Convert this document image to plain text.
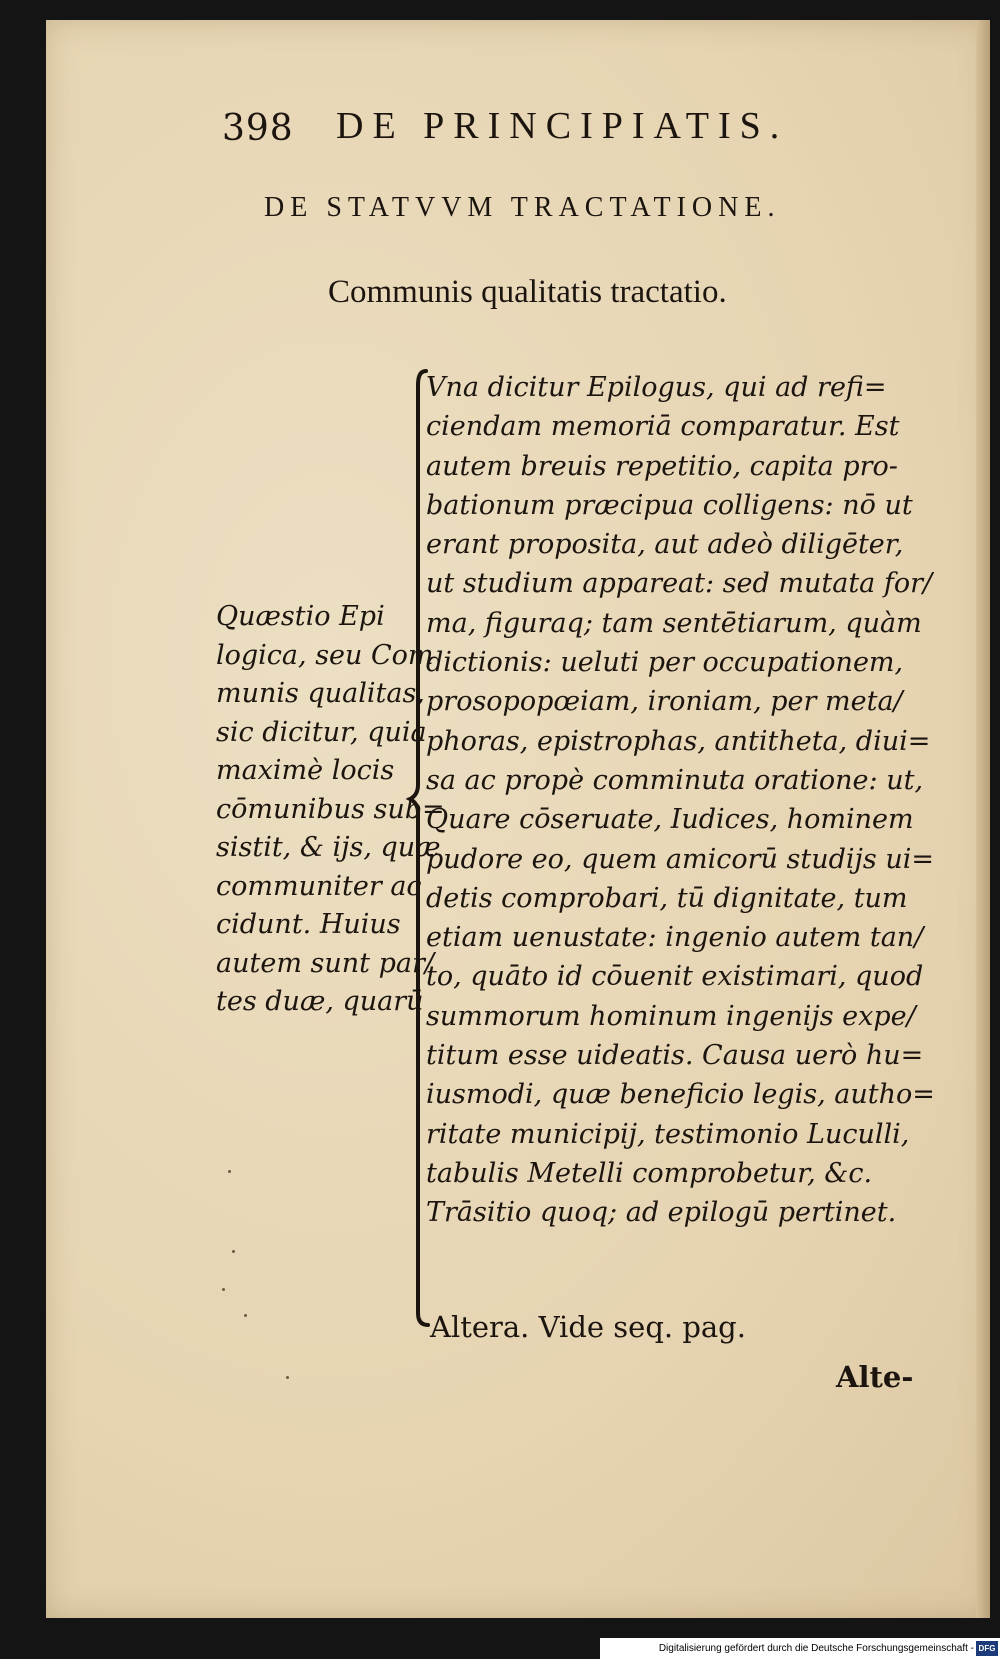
398 DE PRINCIPIATIS.
DE STATVVM TRACTATIONE.
Communis qualitatis tractatio.
Quæstio Epi
logica, seu Com
munis qualitas,
sic dicitur, quia
maximè locis
cōmunibus sub=
sistit, & ijs, quæ
communiter ac
cidunt. Huius
autem sunt par/
tes duæ, quarū
Vna dicitur Epilogus, qui ad refi=
ciendam memoriā comparatur. Est
autem breuis repetitio, capita pro-
bationum præcipua colligens: nō ut
erant proposita, aut adeò diligēter,
ut studium appareat: sed mutata for/
ma, figuraq; tam sentētiarum, quàm
dictionis: ueluti per occupationem,
prosopopœiam, ironiam, per meta/
phoras, epistrophas, antitheta, diui=
sa ac propè comminuta oratione: ut,
Quare cōseruate, Iudices, hominem
pudore eo, quem amicorū studijs ui=
detis comprobari, tū dignitate, tum
etiam uenustate: ingenio autem tan/
to, quāto id cōuenit existimari, quod
summorum hominum ingenijs expe/
titum esse uideatis. Causa uerò hu=
iusmodi, quæ beneficio legis, autho=
ritate municipij, testimonio Luculli,
tabulis Metelli comprobetur, &c.
Trāsitio quoq; ad epilogū pertinet.
Altera. Vide seq. pag.
Alte-
Digitalisierung gefördert durch die Deutsche Forschungsgemeinschaft - DFG
